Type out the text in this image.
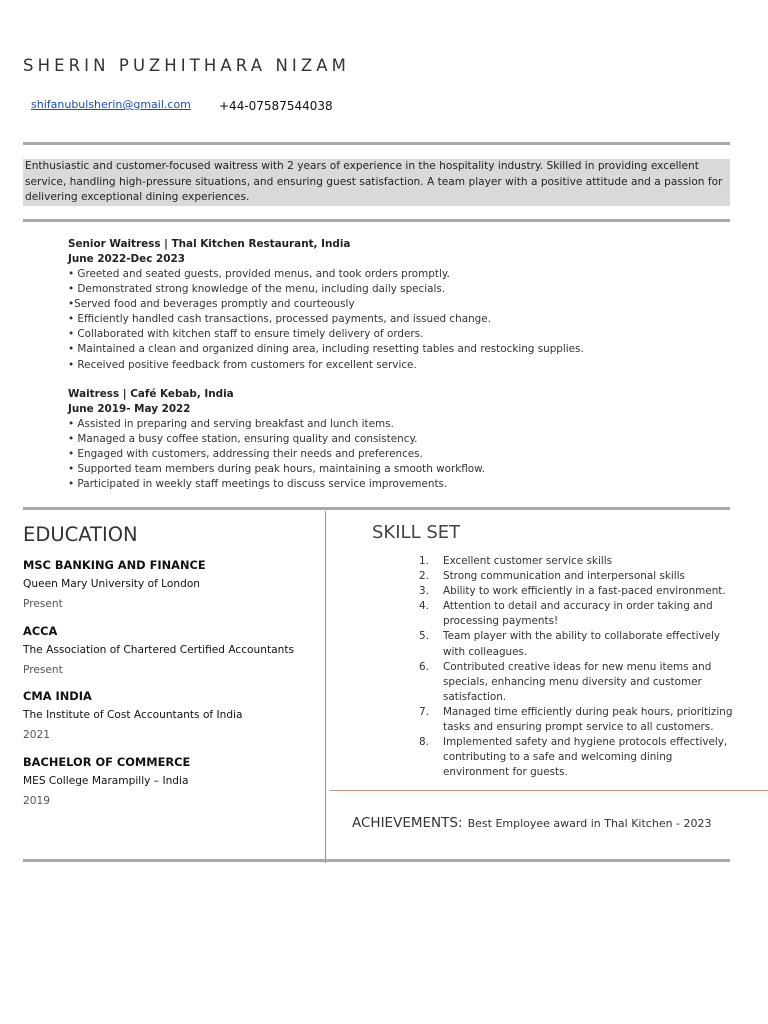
SHERIN PUZHITHARA NIZAM
shifanubulsherin@gmail.com +44-07587544038
Enthusiastic and customer-focused waitress with 2 years of experience in the hospitality industry. Skilled in providing excellent service, handling high-pressure situations, and ensuring guest satisfaction. A team player with a positive attitude and a passion for delivering exceptional dining experiences.
Senior Waitress | Thal Kitchen Restaurant, India
June 2022-Dec 2023
• Greeted and seated guests, provided menus, and took orders promptly.
• Demonstrated strong knowledge of the menu, including daily specials.
•Served food and beverages promptly and courteously
• Efficiently handled cash transactions, processed payments, and issued change.
• Collaborated with kitchen staff to ensure timely delivery of orders.
• Maintained a clean and organized dining area, including resetting tables and restocking supplies.
• Received positive feedback from customers for excellent service.
Waitress | Café Kebab, India
June 2019- May 2022
• Assisted in preparing and serving breakfast and lunch items.
• Managed a busy coffee station, ensuring quality and consistency.
• Engaged with customers, addressing their needs and preferences.
• Supported team members during peak hours, maintaining a smooth workflow.
• Participated in weekly staff meetings to discuss service improvements.
EDUCATION
MSC BANKING AND FINANCE
Queen Mary University of London
Present
ACCA
The Association of Chartered Certified Accountants
Present
CMA INDIA
The Institute of Cost Accountants of India
2021
BACHELOR OF COMMERCE
MES College Marampilly – India
2019
SKILL SET
1. Excellent customer service skills
2. Strong communication and interpersonal skills
3. Ability to work efficiently in a fast-paced environment.
4. Attention to detail and accuracy in order taking and processing payments!
5. Team player with the ability to collaborate effectively with colleagues.
6. Contributed creative ideas for new menu items and specials, enhancing menu diversity and customer satisfaction.
7. Managed time efficiently during peak hours, prioritizing tasks and ensuring prompt service to all customers.
8. Implemented safety and hygiene protocols effectively, contributing to a safe and welcoming dining environment for guests.
ACHIEVEMENTS: Best Employee award in Thal Kitchen - 2023
